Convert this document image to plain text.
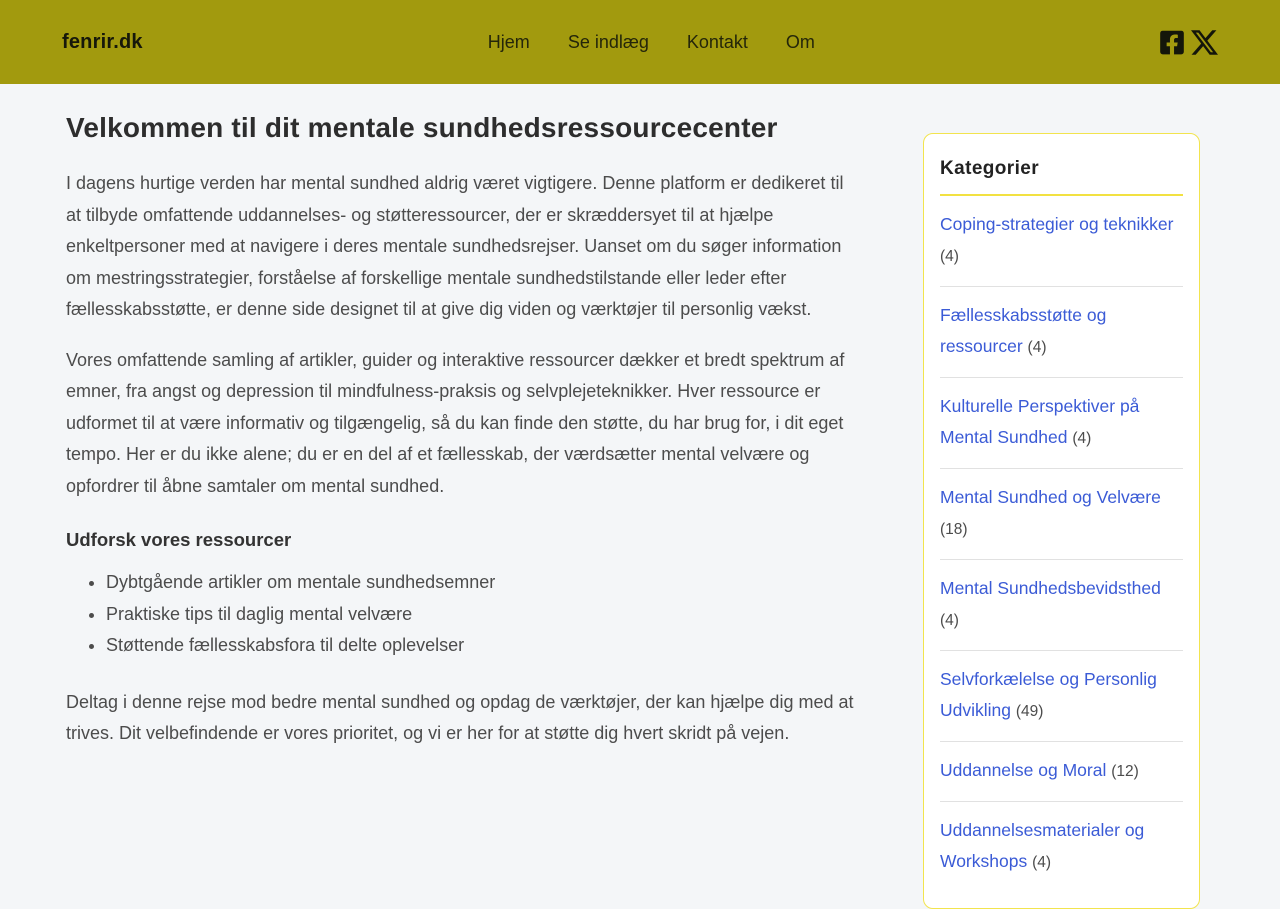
fenrir.dk	Hjem Se indlæg Kontakt Om
Velkommen til dit mentale sundhedsressourcecenter

I dagens hurtige verden har mental sundhed aldrig været vigtigere. Denne platform er dedikeret til at tilbyde omfattende uddannelses- og støtteressourcer, der er skræddersyet til at hjælpe enkeltpersoner med at navigere i deres mentale sundhedsrejser. Uanset om du søger information om mestringsstrategier, forståelse af forskellige mentale sundhedstilstande eller leder efter fællesskabsstøtte, er denne side designet til at give dig viden og værktøjer til personlig vækst.

Vores omfattende samling af artikler, guider og interaktive ressourcer dækker et bredt spektrum af emner, fra angst og depression til mindfulness-praksis og selvplejeteknikker. Hver ressource er udformet til at være informativ og tilgængelig, så du kan finde den støtte, du har brug for, i dit eget tempo. Her er du ikke alene; du er en del af et fællesskab, der værdsætter mental velvære og opfordrer til åbne samtaler om mental sundhed.

Udforsk vores ressourcer
• Dybtgående artikler om mentale sundhedsemner
• Praktiske tips til daglig mental velvære
• Støttende fællesskabsfora til delte oplevelser

Deltag i denne rejse mod bedre mental sundhed og opdag de værktøjer, der kan hjælpe dig med at trives. Dit velbefindende er vores prioritet, og vi er her for at støtte dig hvert skridt på vejen.

Kategorier
Coping-strategier og teknikker (4)
Fællesskabsstøtte og ressourcer (4)
Kulturelle Perspektiver på Mental Sundhed (4)
Mental Sundhed og Velvære (18)
Mental Sundhedsbevidsthed (4)
Selvforkælelse og Personlig Udvikling (49)
Uddannelse og Moral (12)
Uddannelsesmaterialer og Workshops (4)
